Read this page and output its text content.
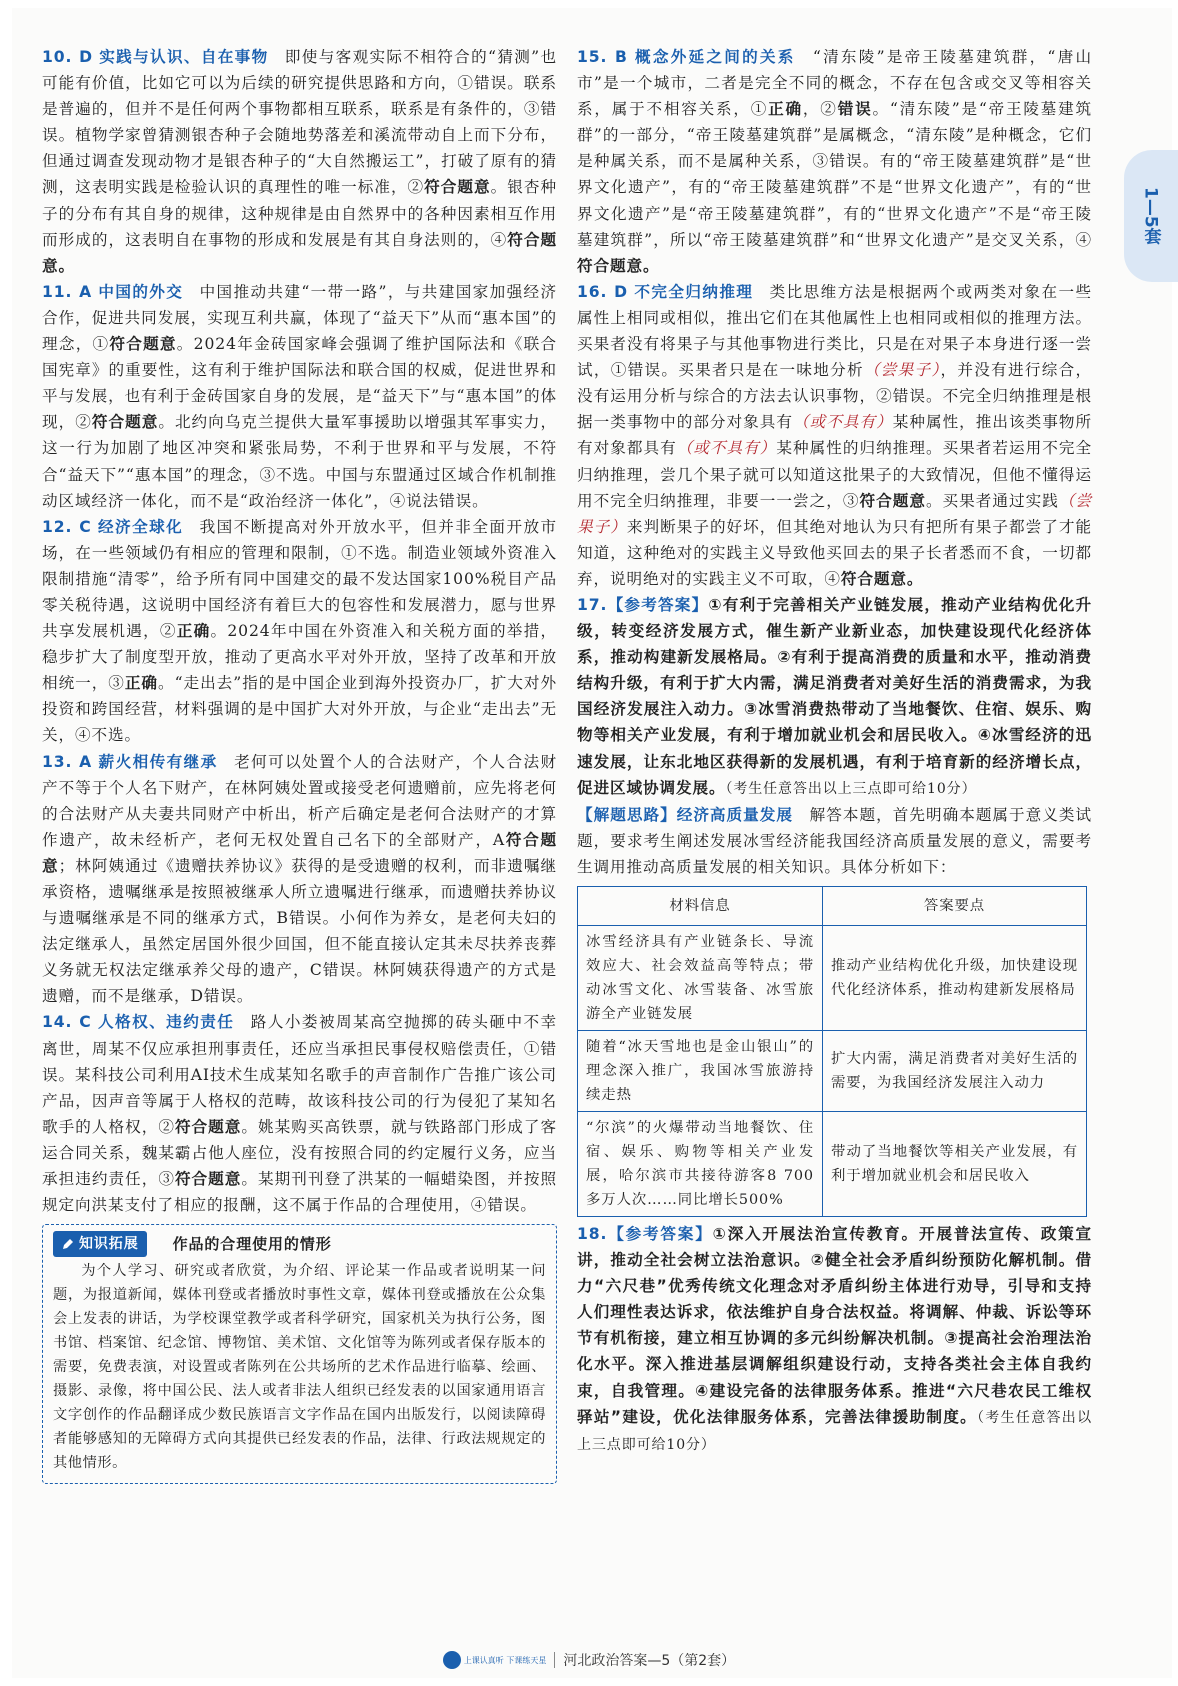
10. D 实践与认识、自在事物 即使与客观实际不相符合的“猜测”也可能有价值，比如它可以为后续的研究提供思路和方向，①错误。联系是普遍的，但并不是任何两个事物都相互联系，联系是有条件的，③错误。植物学家曾猜测银杏种子会随地势落差和溪流带动自上而下分布，但通过调查发现动物才是银杏种子的“大自然搬运工”，打破了原有的猜测，这表明实践是检验认识的真理性的唯一标准，②符合题意。银杏种子的分布有其自身的规律，这种规律是由自然界中的各种因素相互作用而形成的，这表明自在事物的形成和发展是有其自身法则的，④符合题意。

11. A 中国的外交 中国推动共建“一带一路”，与共建国家加强经济合作，促进共同发展，实现互利共赢，体现了“益天下”从而“惠本国”的理念，①符合题意。2024年金砖国家峰会强调了维护国际法和《联合国宪章》的重要性，这有利于维护国际法和联合国的权威，促进世界和平与发展，也有利于金砖国家自身的发展，是“益天下”与“惠本国”的体现，②符合题意。北约向乌克兰提供大量军事援助以增强其军事实力，这一行为加剧了地区冲突和紧张局势，不利于世界和平与发展，不符合“益天下”“惠本国”的理念，③不选。中国与东盟通过区域合作机制推动区域经济一体化，而不是“政治经济一体化”，④说法错误。

12. C 经济全球化 我国不断提高对外开放水平，但并非全面开放市场，在一些领域仍有相应的管理和限制，①不选。制造业领域外资准入限制措施“清零”，给予所有同中国建交的最不发达国家100%税目产品零关税待遇，这说明中国经济有着巨大的包容性和发展潜力，愿与世界共享发展机遇，②正确。2024年中国在外资准入和关税方面的举措，稳步扩大了制度型开放，推动了更高水平对外开放，坚持了改革和开放相统一，③正确。“走出去”指的是中国企业到海外投资办厂，扩大对外投资和跨国经营，材料强调的是中国扩大对外开放，与企业“走出去”无关，④不选。

13. A 薪火相传有继承 老何可以处置个人的合法财产，个人合法财产不等于个人名下财产，在林阿姨处置或接受老何遗赠前，应先将老何的合法财产从夫妻共同财产中析出，析产后确定是老何合法财产的才算作遗产，故未经析产，老何无权处置自己名下的全部财产，A符合题意；林阿姨通过《遗赠扶养协议》获得的是受遗赠的权利，而非遗嘱继承资格，遗嘱继承是按照被继承人所立遗嘱进行继承，而遗赠扶养协议与遗嘱继承是不同的继承方式，B错误。小何作为养女，是老何夫妇的法定继承人，虽然定居国外很少回国，但不能直接认定其未尽扶养丧葬义务就无权法定继承养父母的遗产，C错误。林阿姨获得遗产的方式是遗赠，而不是继承，D错误。

14. C 人格权、违约责任 路人小娄被周某高空抛掷的砖头砸中不幸离世，周某不仅应承担刑事责任，还应当承担民事侵权赔偿责任，①错误。某科技公司利用AI技术生成某知名歌手的声音制作广告推广该公司产品，因声音等属于人格权的范畴，故该科技公司的行为侵犯了某知名歌手的人格权，②符合题意。姚某购买高铁票，就与铁路部门形成了客运合同关系，魏某霸占他人座位，没有按照合同的约定履行义务，应当承担违约责任，③符合题意。某期刊刊登了洪某的一幅蜡染图，并按照规定向洪某支付了相应的报酬，这不属于作品的合理使用，④错误。

知识拓展 作品的合理使用的情形
为个人学习、研究或者欣赏，为介绍、评论某一作品或者说明某一问题，为报道新闻，媒体刊登或者播放时事性文章，媒体刊登或播放在公众集会上发表的讲话，为学校课堂教学或者科学研究，国家机关为执行公务，图书馆、档案馆、纪念馆、博物馆、美术馆、文化馆等为陈列或者保存版本的需要，免费表演，对设置或者陈列在公共场所的艺术作品进行临摹、绘画、摄影、录像，将中国公民、法人或者非法人组织已经发表的以国家通用语言文字创作的作品翻译成少数民族语言文字作品在国内出版发行，以阅读障碍者能够感知的无障碍方式向其提供已经发表的作品，法律、行政法规规定的其他情形。

15. B 概念外延之间的关系 “清东陵”是帝王陵墓建筑群，“唐山市”是一个城市，二者是完全不同的概念，不存在包含或交叉等相容关系，属于不相容关系，①正确，②错误。“清东陵”是“帝王陵墓建筑群”的一部分，“帝王陵墓建筑群”是属概念，“清东陵”是种概念，它们是种属关系，而不是属种关系，③错误。有的“帝王陵墓建筑群”是“世界文化遗产”，有的“帝王陵墓建筑群”不是“世界文化遗产”，有的“世界文化遗产”是“帝王陵墓建筑群”，有的“世界文化遗产”不是“帝王陵墓建筑群”，所以“帝王陵墓建筑群”和“世界文化遗产”是交叉关系，④符合题意。

16. D 不完全归纳推理 类比思维方法是根据两个或两类对象在一些属性上相同或相似，推出它们在其他属性上也相同或相似的推理方法。买果者没有将果子与其他事物进行类比，只是在对果子本身进行逐一尝试，①错误。买果者只是在一味地分析（尝果子），并没有进行综合，没有运用分析与综合的方法去认识事物，②错误。不完全归纳推理是根据一类事物中的部分对象具有（或不具有）某种属性，推出该类事物所有对象都具有（或不具有）某种属性的归纳推理。买果者若运用不完全归纳推理，尝几个果子就可以知道这批果子的大致情况，但他不懂得运用不完全归纳推理，非要一一尝之，③符合题意。买果者通过实践（尝果子）来判断果子的好坏，但其绝对地认为只有把所有果子都尝了才能知道，这种绝对的实践主义导致他买回去的果子长者悉而不食，一切都弃，说明绝对的实践主义不可取，④符合题意。

17.【参考答案】①有利于完善相关产业链发展，推动产业结构优化升级，转变经济发展方式，催生新产业新业态，加快建设现代化经济体系，推动构建新发展格局。②有利于提高消费的质量和水平，推动消费结构升级，有利于扩大内需，满足消费者对美好生活的消费需求，为我国经济发展注入动力。③冰雪消费热带动了当地餐饮、住宿、娱乐、购物等相关产业发展，有利于增加就业机会和居民收入。④冰雪经济的迅速发展，让东北地区获得新的发展机遇，有利于培育新的经济增长点，促进区域协调发展。（考生任意答出以上三点即可给10分）

【解题思路】经济高质量发展　解答本题，首先明确本题属于意义类试题，要求考生阐述发展冰雪经济能我国经济高质量发展的意义，需要考生调用推动高质量发展的相关知识。具体分析如下：

材料信息	答案要点
冰雪经济具有产业链条长、导流效应大、社会效益高等特点；带动冰雪文化、冰雪装备、冰雪旅游全产业链发展	推动产业结构优化升级，加快建设现代化经济体系，推动构建新发展格局
随着“冰天雪地也是金山银山”的理念深入推广，我国冰雪旅游持续走热	扩大内需，满足消费者对美好生活的需要，为我国经济发展注入动力
“尔滨”的火爆带动当地餐饮、住宿、娱乐、购物等相关产业发展，哈尔滨市共接待游客8 700多万人次……同比增长500%	带动了当地餐饮等相关产业发展，有利于增加就业机会和居民收入

18.【参考答案】①深入开展法治宣传教育。开展普法宣传、政策宣讲，推动全社会树立法治意识。②健全社会矛盾纠纷预防化解机制。借力“六尺巷”优秀传统文化理念对矛盾纠纷主体进行劝导，引导和支持人们理性表达诉求，依法维护自身合法权益。将调解、仲裁、诉讼等环节有机衔接，建立相互协调的多元纠纷解决机制。③提高社会治理法治化水平。深入推进基层调解组织建设行动，支持各类社会主体自我约束，自我管理。④建设完备的法律服务体系。推进“六尺巷农民工维权驿站”建设，优化法律服务体系，完善法律援助制度。（考生任意答出以上三点即可给10分）

1—5套
上课认真听 下课练天星 河北政治答案—5（第2套）
